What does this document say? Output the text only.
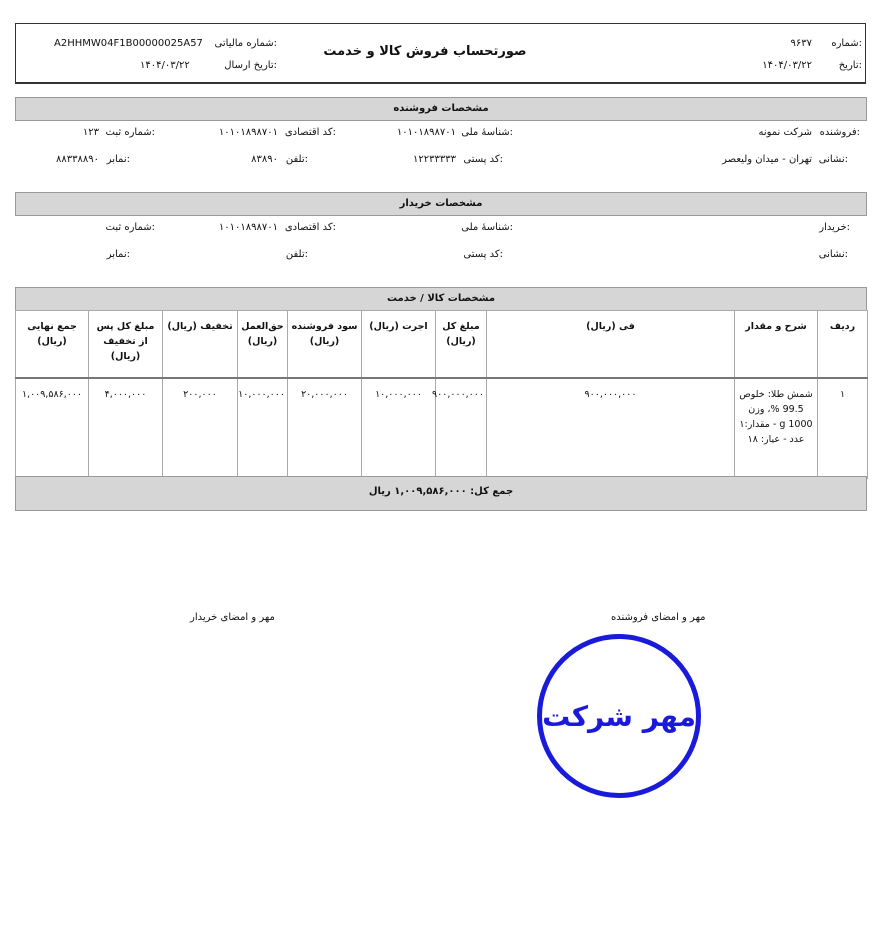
صورتحساب فروش کالا و خدمت
شماره:
۹۶۳۷
تاریخ:
۱۴۰۴/۰۳/۲۲
شماره مالیاتی:
A2HHMW04F1B00000025A57
تاریخ ارسال:
۱۴۰۴/۰۳/۲۲
مشخصات فروشنده
فروشنده:
شرکت نمونه
شناسهٔ ملی:
۱۰۱۰۱۸۹۸۷۰۱
کد اقتصادی:
۱۰۱۰۱۸۹۸۷۰۱
شماره ثبت:
۱۲۳
نشانی:
تهران - میدان ولیعصر
کد پستی:
۱۲۲۳۳۳۳۳
تلفن:
۸۳۸۹۰
نمابر:
۸۸۳۳۸۸۹۰
مشخصات خریدار
خریدار:
شناسهٔ ملی:
کد اقتصادی:
۱۰۱۰۱۸۹۸۷۰۱
شماره ثبت:
نشانی:
کد پستی:
تلفن:
نمابر:
مشخصات کالا / خدمت
ردیف	شرح و مقدار	فی (ریال)	مبلغ کل (ریال)	اجرت (ریال)	سود فروشنده (ریال)	حق‌العمل (ریال)	تخفیف (ریال)	مبلغ کل پس از تخفیف (ریال)	جمع نهایی (ریال)
۱	شمش طلا: خلوص 99.5 %، وزن 1000 g - مقدار:۱ عدد - عیار: ۱۸	۹۰۰,۰۰۰,۰۰۰	۹۰۰,۰۰۰,۰۰۰	۱۰,۰۰۰,۰۰۰	۲۰,۰۰۰,۰۰۰	۱۰,۰۰۰,۰۰۰	۲۰۰,۰۰۰	۴,۰۰۰,۰۰۰	۱,۰۰۹,۵۸۶,۰۰۰
جمع کل: ۱,۰۰۹,۵۸۶,۰۰۰ ریال
مهر و امضای فروشنده
مهر و امضای خریدار
مهر شرکت
